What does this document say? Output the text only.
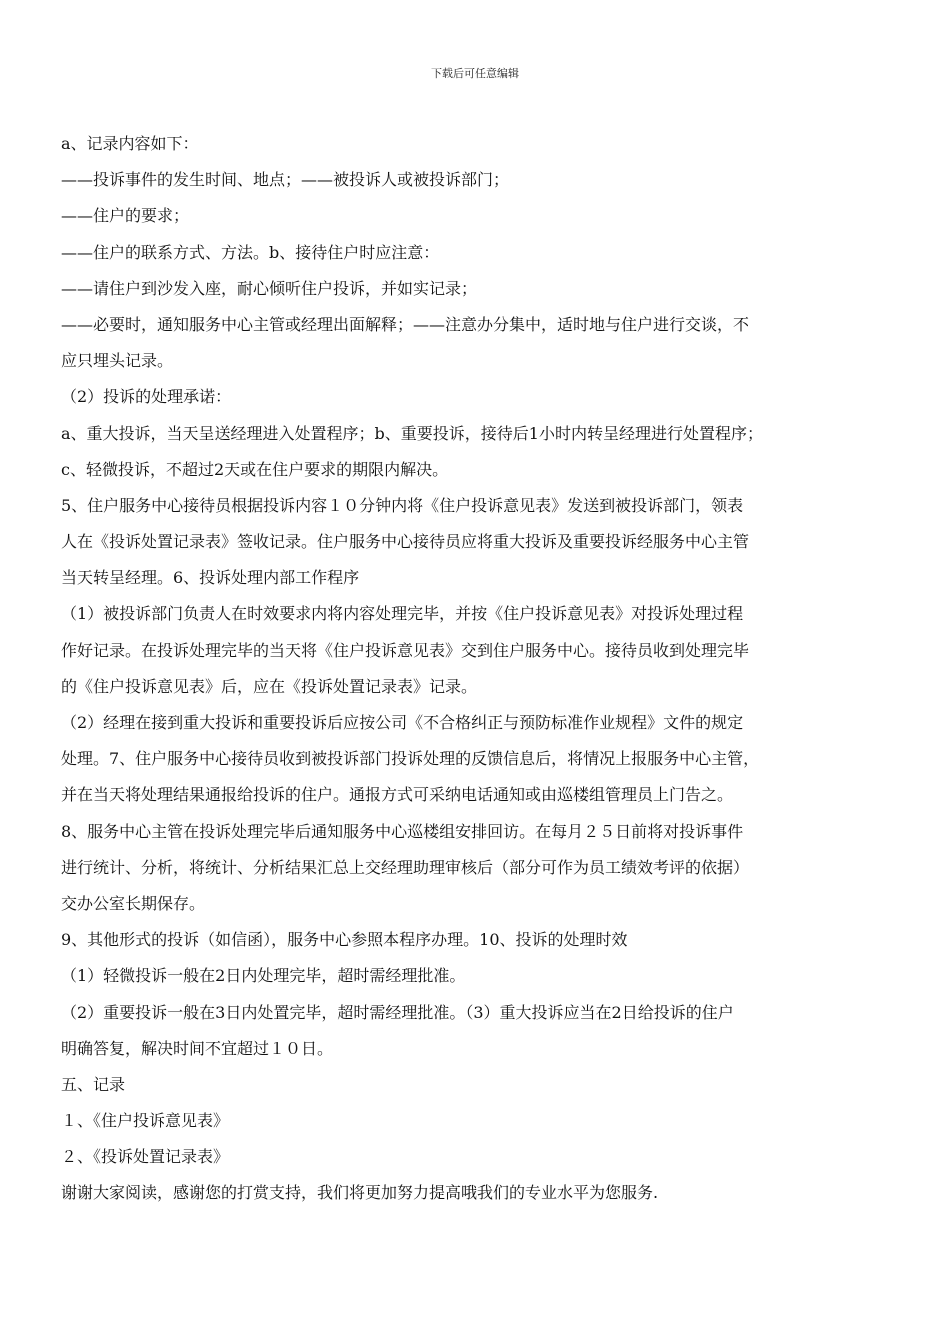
下载后可任意编辑
a、记录内容如下：
——投诉事件的发生时间、地点；——被投诉人或被投诉部门；
——住户的要求；
——住户的联系方式、方法。b、接待住户时应注意：
——请住户到沙发入座，耐心倾听住户投诉，并如实记录；
——必要时，通知服务中心主管或经理出面解释；——注意办分集中，适时地与住户进行交谈，不
应只埋头记录。
（2）投诉的处理承诺：
a、重大投诉，当天呈送经理进入处置程序；b、重要投诉，接待后1小时内转呈经理进行处置程序；
c、轻微投诉，不超过2天或在住户要求的期限内解决。
5、住户服务中心接待员根据投诉内容１０分钟内将《住户投诉意见表》发送到被投诉部门，领表
人在《投诉处置记录表》签收记录。住户服务中心接待员应将重大投诉及重要投诉经服务中心主管
当天转呈经理。6、投诉处理内部工作程序
（1）被投诉部门负责人在时效要求内将内容处理完毕，并按《住户投诉意见表》对投诉处理过程
作好记录。在投诉处理完毕的当天将《住户投诉意见表》交到住户服务中心。接待员收到处理完毕
的《住户投诉意见表》后，应在《投诉处置记录表》记录。
（2）经理在接到重大投诉和重要投诉后应按公司《不合格纠正与预防标准作业规程》文件的规定
处理。7、住户服务中心接待员收到被投诉部门投诉处理的反馈信息后，将情况上报服务中心主管，
并在当天将处理结果通报给投诉的住户。通报方式可采纳电话通知或由巡楼组管理员上门告之。
8、服务中心主管在投诉处理完毕后通知服务中心巡楼组安排回访。在每月２５日前将对投诉事件
进行统计、分析，将统计、分析结果汇总上交经理助理审核后（部分可作为员工绩效考评的依据）
交办公室长期保存。
9、其他形式的投诉（如信函），服务中心参照本程序办理。10、投诉的处理时效
（1）轻微投诉一般在2日内处理完毕，超时需经理批准。
（2）重要投诉一般在3日内处置完毕，超时需经理批准。（3）重大投诉应当在2日给投诉的住户
明确答复，解决时间不宜超过１０日。
五、记录
１、《住户投诉意见表》
２、《投诉处置记录表》
谢谢大家阅读，感谢您的打赏支持，我们将更加努力提高哦我们的专业水平为您服务.
